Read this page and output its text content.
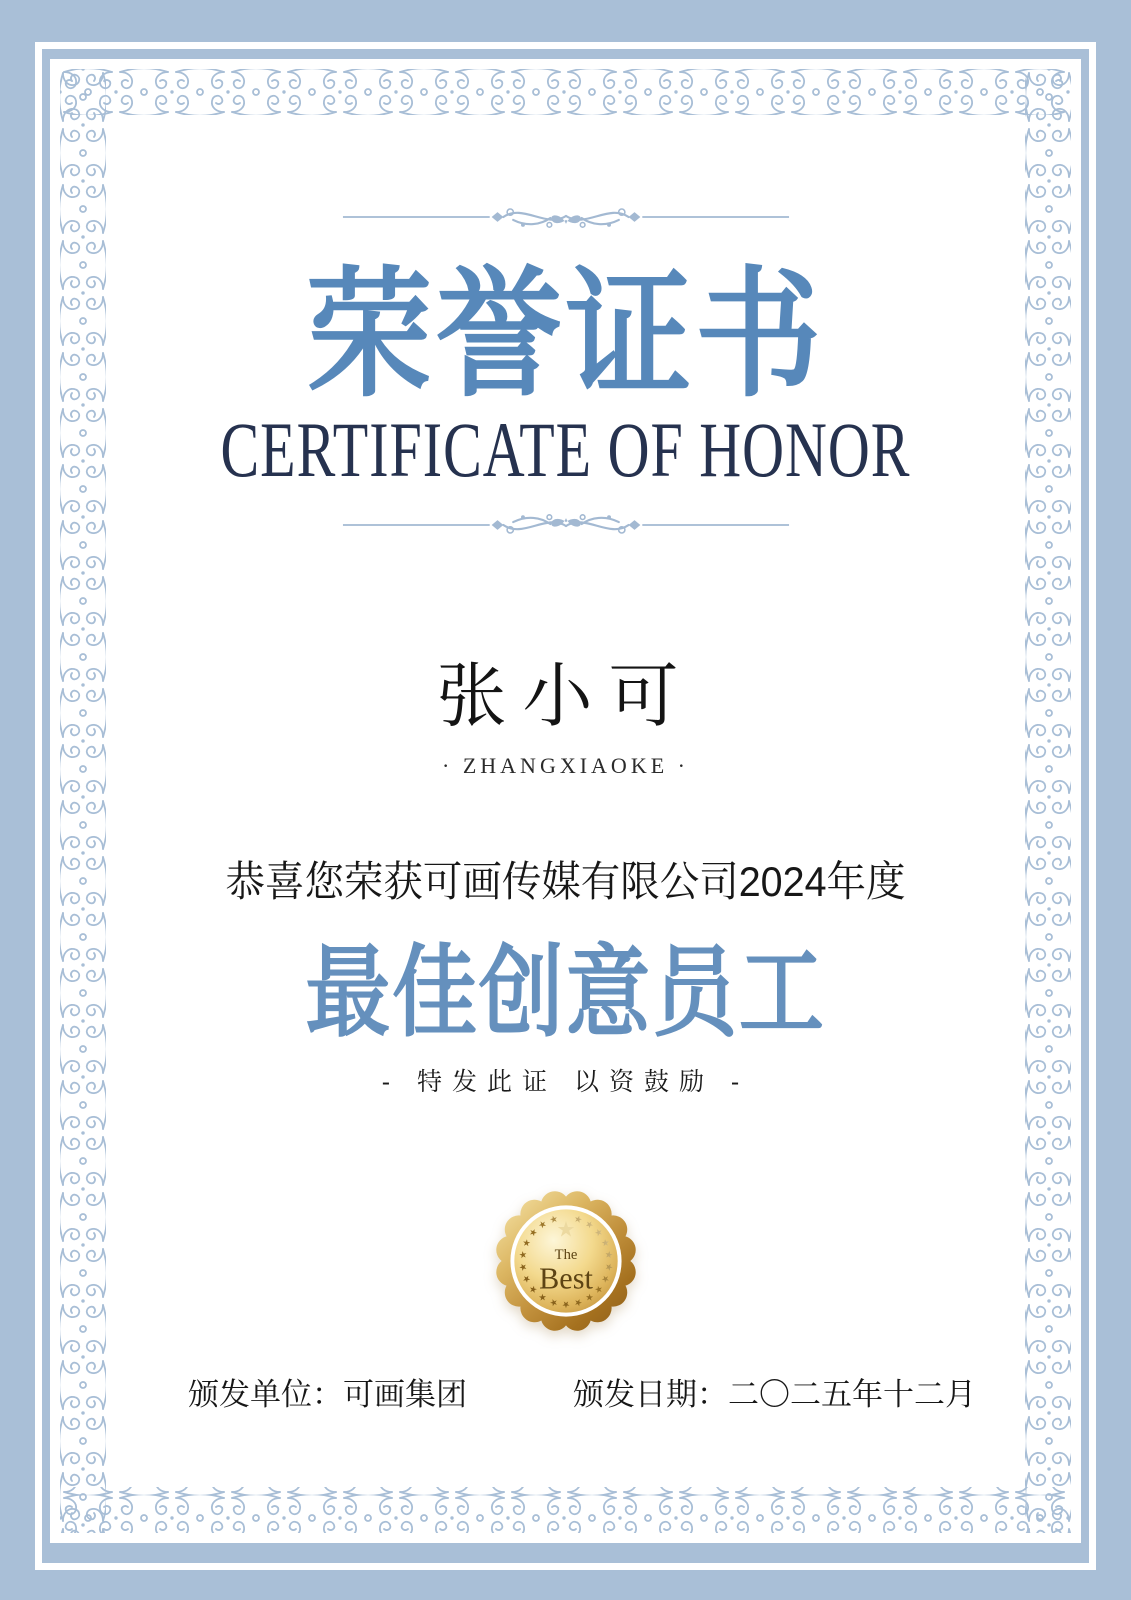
荣誉证书
CERTIFICATE OF HONOR
张小可
· ZHANGXIAOKE ·
恭喜您荣获可画传媒有限公司2024年度
最佳创意员工
- 特发此证 以资鼓励 -
★ ★
★
★
★
★
★
★
★
★
★
★
★
★
★
★
★
★
★
★ ★
★
The
Best
颁发单位：可画集团	颁发日期：二〇二五年十二月
